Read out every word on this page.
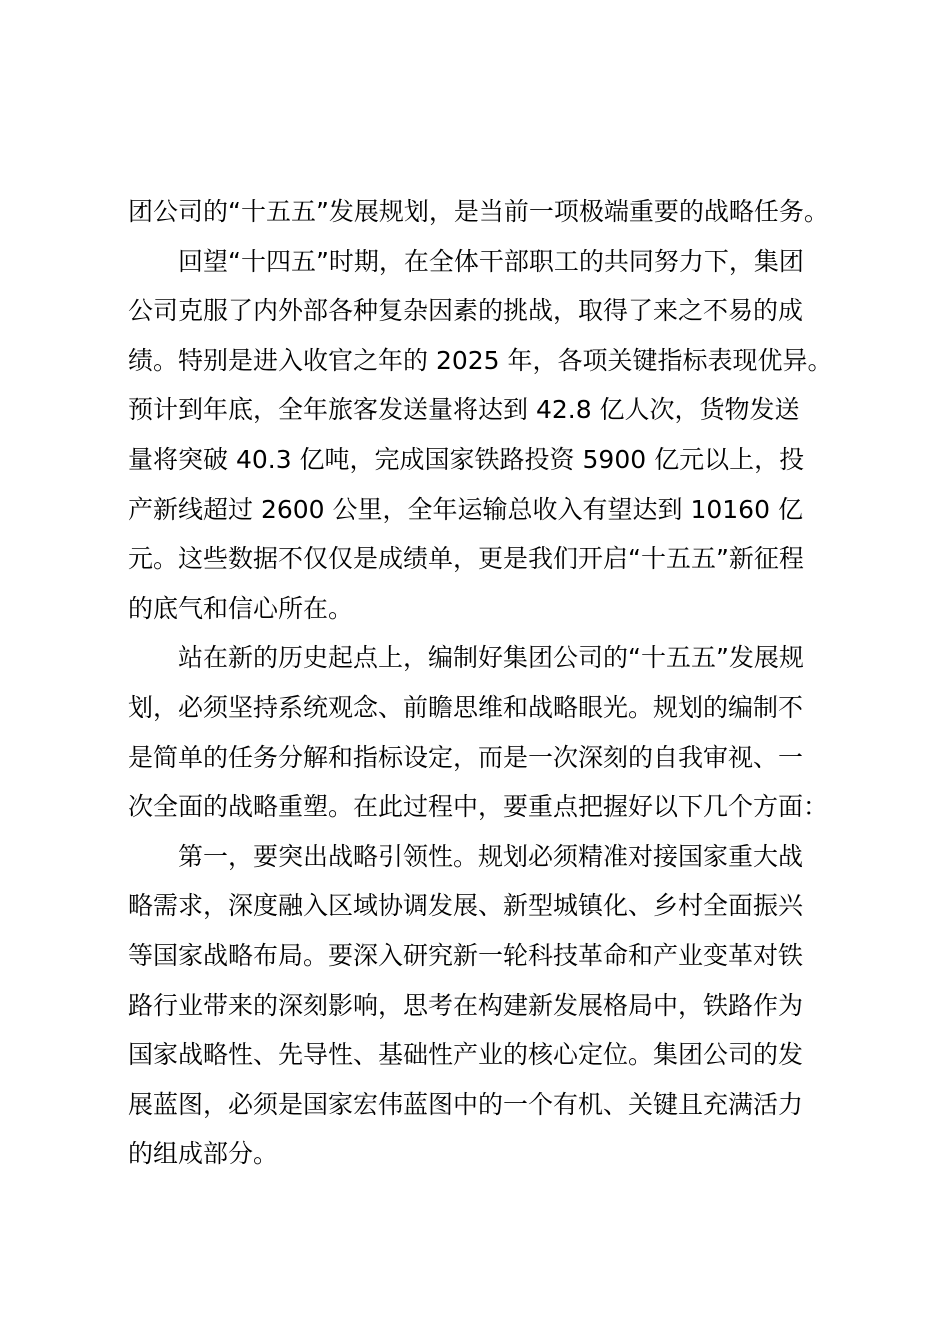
团公司的“十五五”发展规划，是当前一项极端重要的战略任务。
回望“十四五”时期，在全体干部职工的共同努力下，集团
公司克服了内外部各种复杂因素的挑战，取得了来之不易的成
绩。特别是进入收官之年的 2025 年，各项关键指标表现优异。
预计到年底，全年旅客发送量将达到 42.8 亿人次，货物发送
量将突破 40.3 亿吨，完成国家铁路投资 5900 亿元以上，投
产新线超过 2600 公里，全年运输总收入有望达到 10160 亿
元。这些数据不仅仅是成绩单，更是我们开启“十五五”新征程
的底气和信心所在。
站在新的历史起点上，编制好集团公司的“十五五”发展规
划，必须坚持系统观念、前瞻思维和战略眼光。规划的编制不
是简单的任务分解和指标设定，而是一次深刻的自我审视、一
次全面的战略重塑。在此过程中，要重点把握好以下几个方面：
第一，要突出战略引领性。规划必须精准对接国家重大战
略需求，深度融入区域协调发展、新型城镇化、乡村全面振兴
等国家战略布局。要深入研究新一轮科技革命和产业变革对铁
路行业带来的深刻影响，思考在构建新发展格局中，铁路作为
国家战略性、先导性、基础性产业的核心定位。集团公司的发
展蓝图，必须是国家宏伟蓝图中的一个有机、关键且充满活力
的组成部分。
